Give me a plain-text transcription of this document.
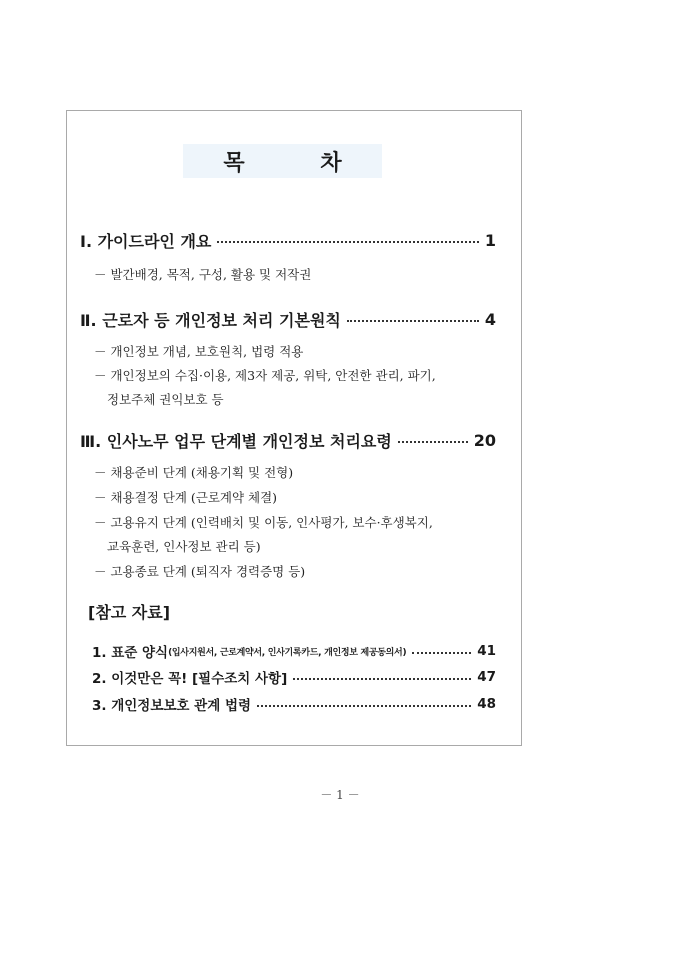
목 차
Ⅰ. 가이드라인 개요	1
－ 발간배경, 목적, 구성, 활용 및 저작권
Ⅱ. 근로자 등 개인정보 처리 기본원칙	4
－ 개인정보 개념, 보호원칙, 법령 적용
－ 개인정보의 수집·이용, 제3자 제공, 위탁, 안전한 관리, 파기,
정보주체 권익보호 등
Ⅲ. 인사노무 업무 단계별 개인정보 처리요령	20
－ 채용준비 단계 (채용기획 및 전형)
－ 채용결정 단계 (근로계약 체결)
－ 고용유지 단계 (인력배치 및 이동, 인사평가, 보수·후생복지,
교육훈련, 인사정보 관리 등)
－ 고용종료 단계 (퇴직자 경력증명 등)
[참고 자료]
1. 표준 양식 (입사지원서, 근로계약서, 인사기록카드, 개인정보 제공동의서)	41
2. 이것만은 꼭! [필수조치 사항]	47
3. 개인정보보호 관계 법령	48
－ 1 －
